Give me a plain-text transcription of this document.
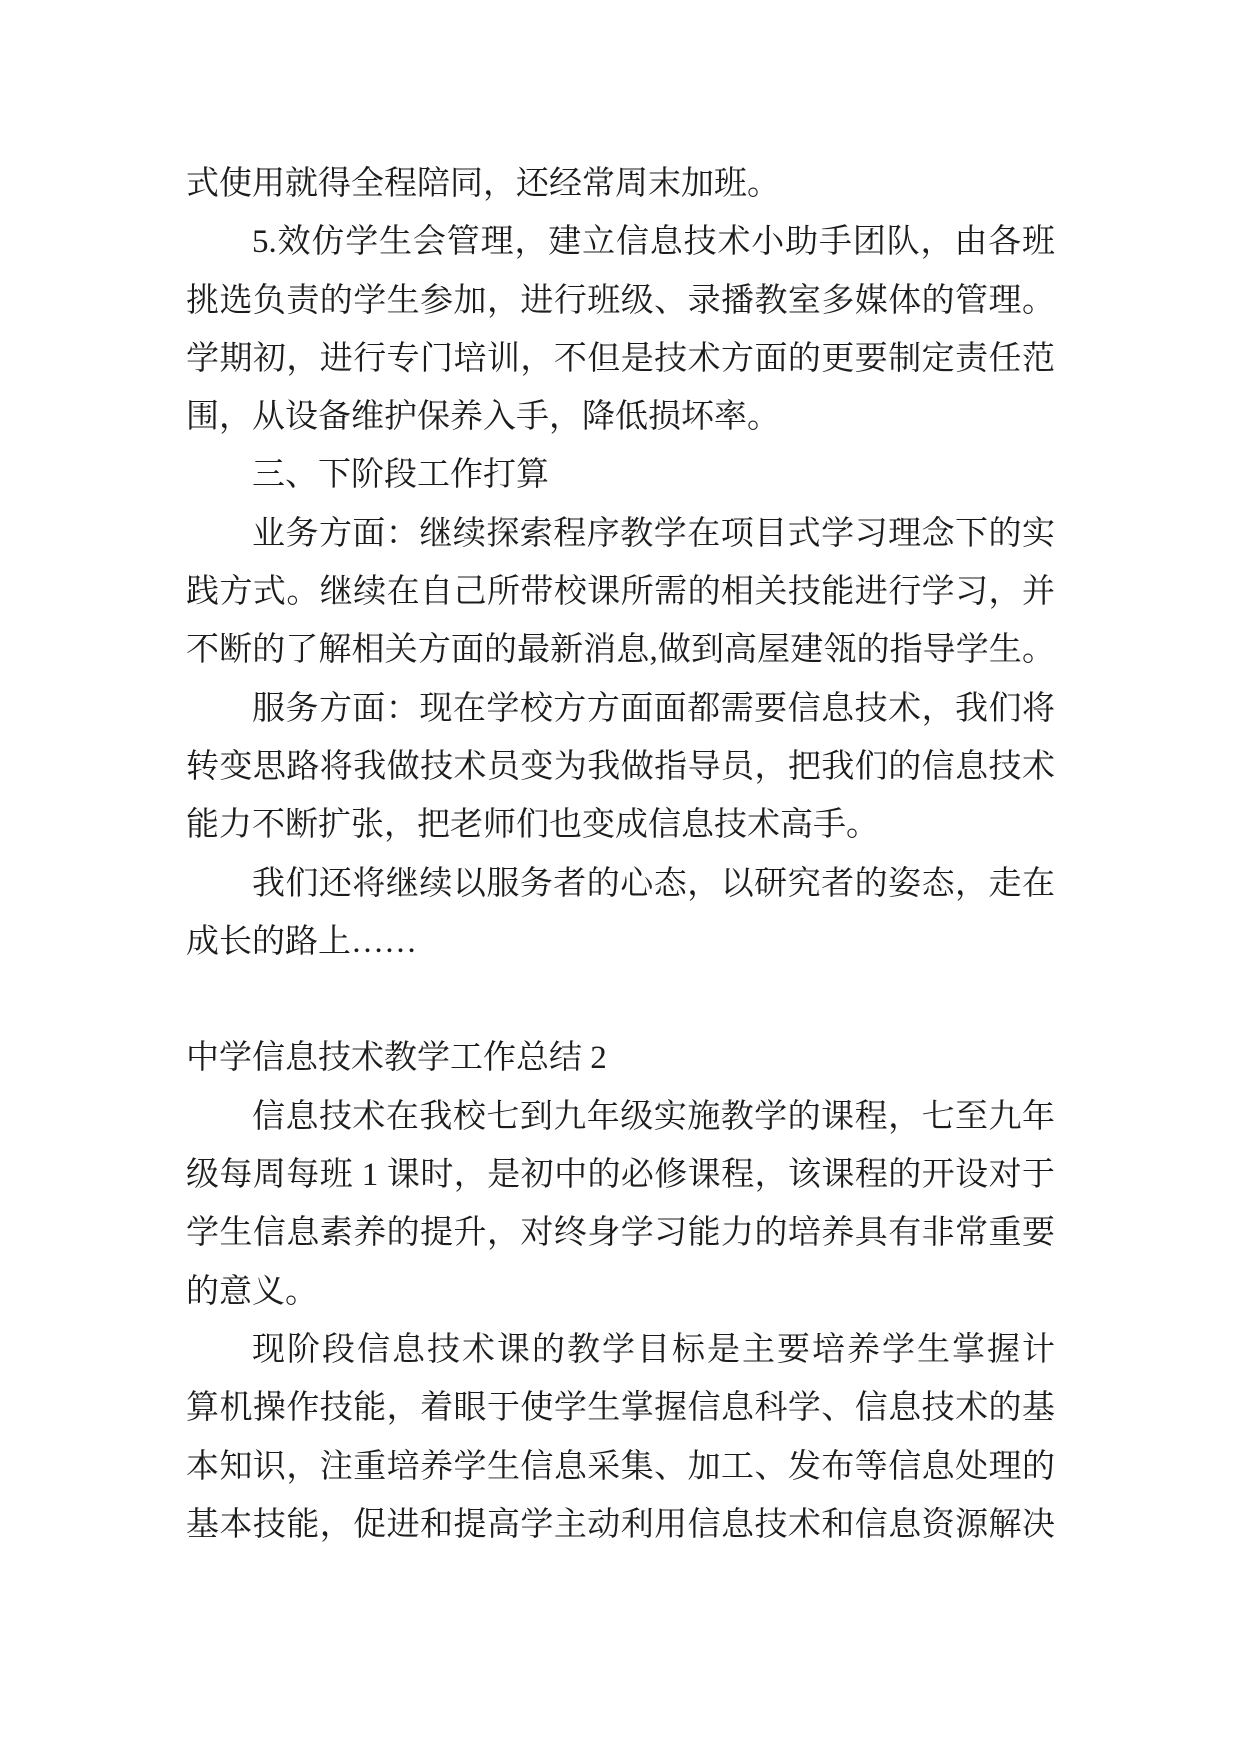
式使用就得全程陪同，还经常周末加班。
5.效仿学生会管理，建立信息技术小助手团队，由各班
挑选负责的学生参加，进行班级、录播教室多媒体的管理。
学期初，进行专门培训，不但是技术方面的更要制定责任范
围，从设备维护保养入手，降低损坏率。
三、下阶段工作打算
业务方面：继续探索程序教学在项目式学习理念下的实
践方式。继续在自己所带校课所需的相关技能进行学习，并
不断的了解相关方面的最新消息,做到高屋建瓴的指导学生。
服务方面：现在学校方方面面都需要信息技术，我们将
转变思路将我做技术员变为我做指导员，把我们的信息技术
能力不断扩张，把老师们也变成信息技术高手。
我们还将继续以服务者的心态，以研究者的姿态，走在
成长的路上……
中学信息技术教学工作总结 2
信息技术在我校七到九年级实施教学的课程，七至九年
级每周每班 1 课时，是初中的必修课程，该课程的开设对于
学生信息素养的提升，对终身学习能力的培养具有非常重要
的意义。
现阶段信息技术课的教学目标是主要培养学生掌握计
算机操作技能，着眼于使学生掌握信息科学、信息技术的基
本知识，注重培养学生信息采集、加工、发布等信息处理的
基本技能，促进和提高学主动利用信息技术和信息资源解决
